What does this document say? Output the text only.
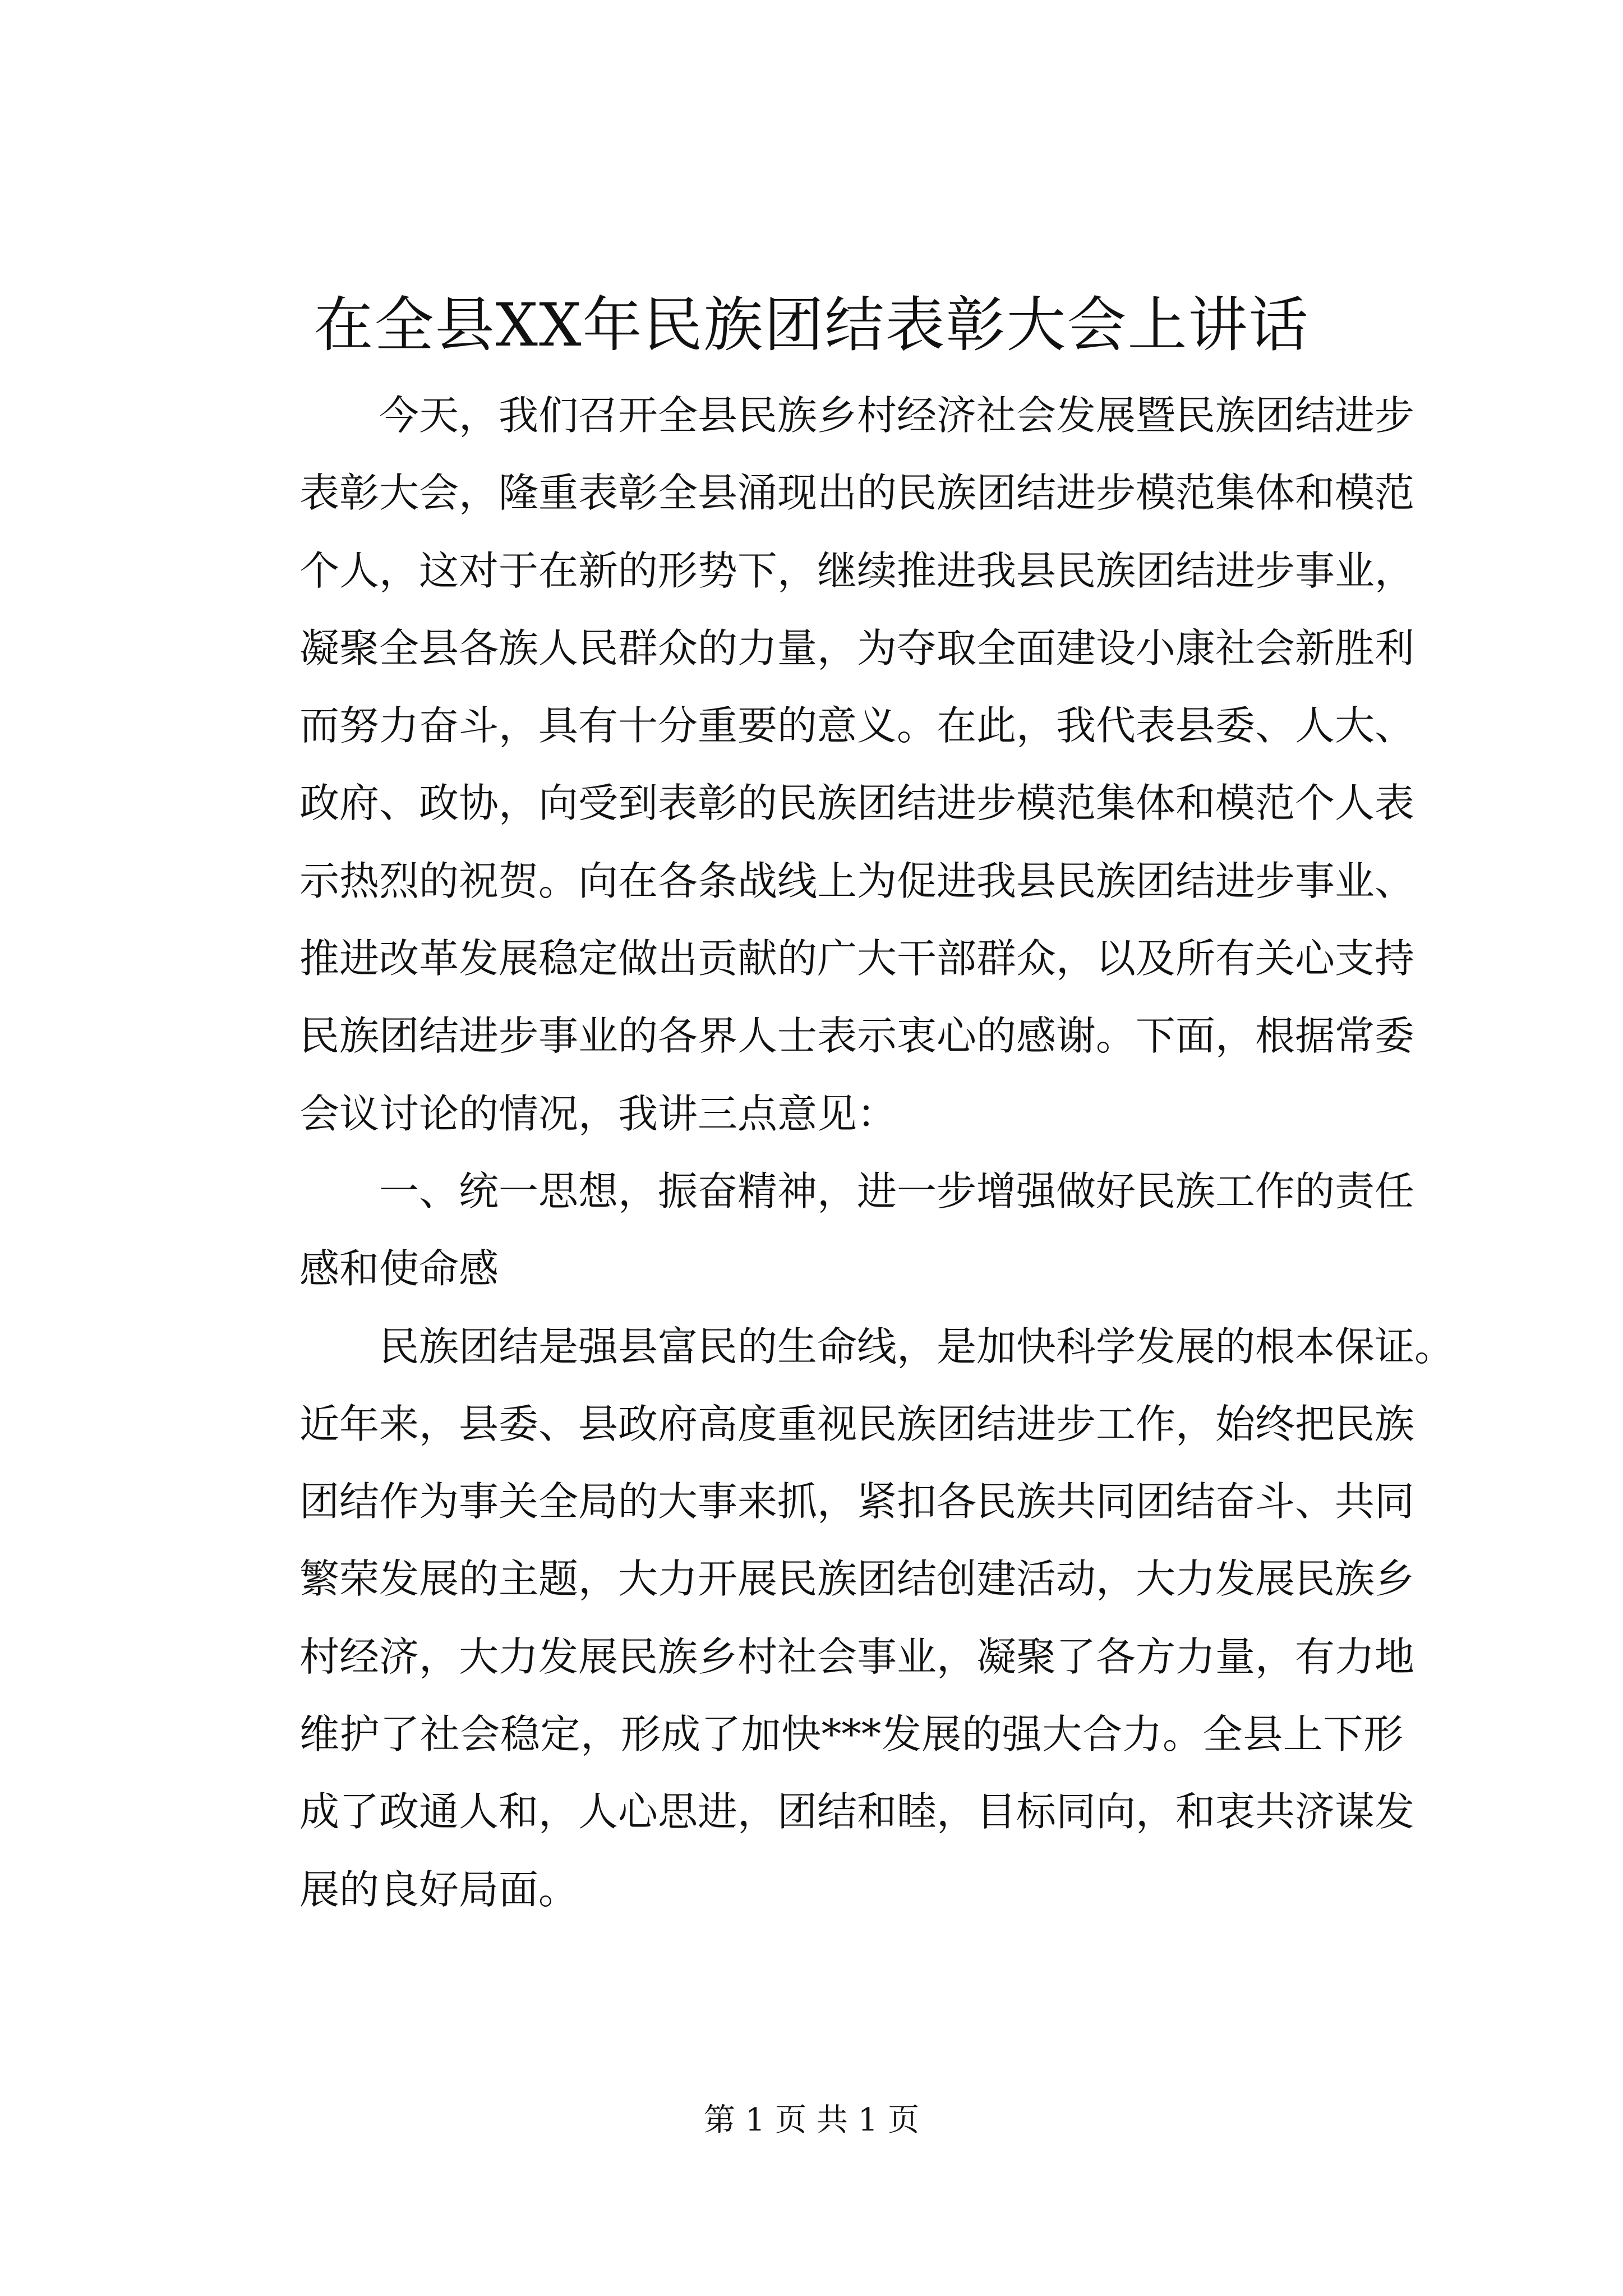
在全县XX年民族团结表彰大会上讲话

今天，我们召开全县民族乡村经济社会发展暨民族团结进步
表彰大会，隆重表彰全县涌现出的民族团结进步模范集体和模范
个人，这对于在新的形势下，继续推进我县民族团结进步事业，
凝聚全县各族人民群众的力量，为夺取全面建设小康社会新胜利
而努力奋斗，具有十分重要的意义。在此，我代表县委、人大、
政府、政协，向受到表彰的民族团结进步模范集体和模范个人表
示热烈的祝贺。向在各条战线上为促进我县民族团结进步事业、
推进改革发展稳定做出贡献的广大干部群众，以及所有关心支持
民族团结进步事业的各界人士表示衷心的感谢。下面，根据常委
会议讨论的情况，我讲三点意见：

一、统一思想，振奋精神，进一步增强做好民族工作的责任
感和使命感

民族团结是强县富民的生命线，是加快科学发展的根本保证。
近年来，县委、县政府高度重视民族团结进步工作，始终把民族
团结作为事关全局的大事来抓，紧扣各民族共同团结奋斗、共同
繁荣发展的主题，大力开展民族团结创建活动，大力发展民族乡
村经济，大力发展民族乡村社会事业，凝聚了各方力量，有力地
维护了社会稳定，形成了加快***发展的强大合力。全县上下形
成了政通人和，人心思进，团结和睦，目标同向，和衷共济谋发
展的良好局面。

第 1 页 共 1 页
